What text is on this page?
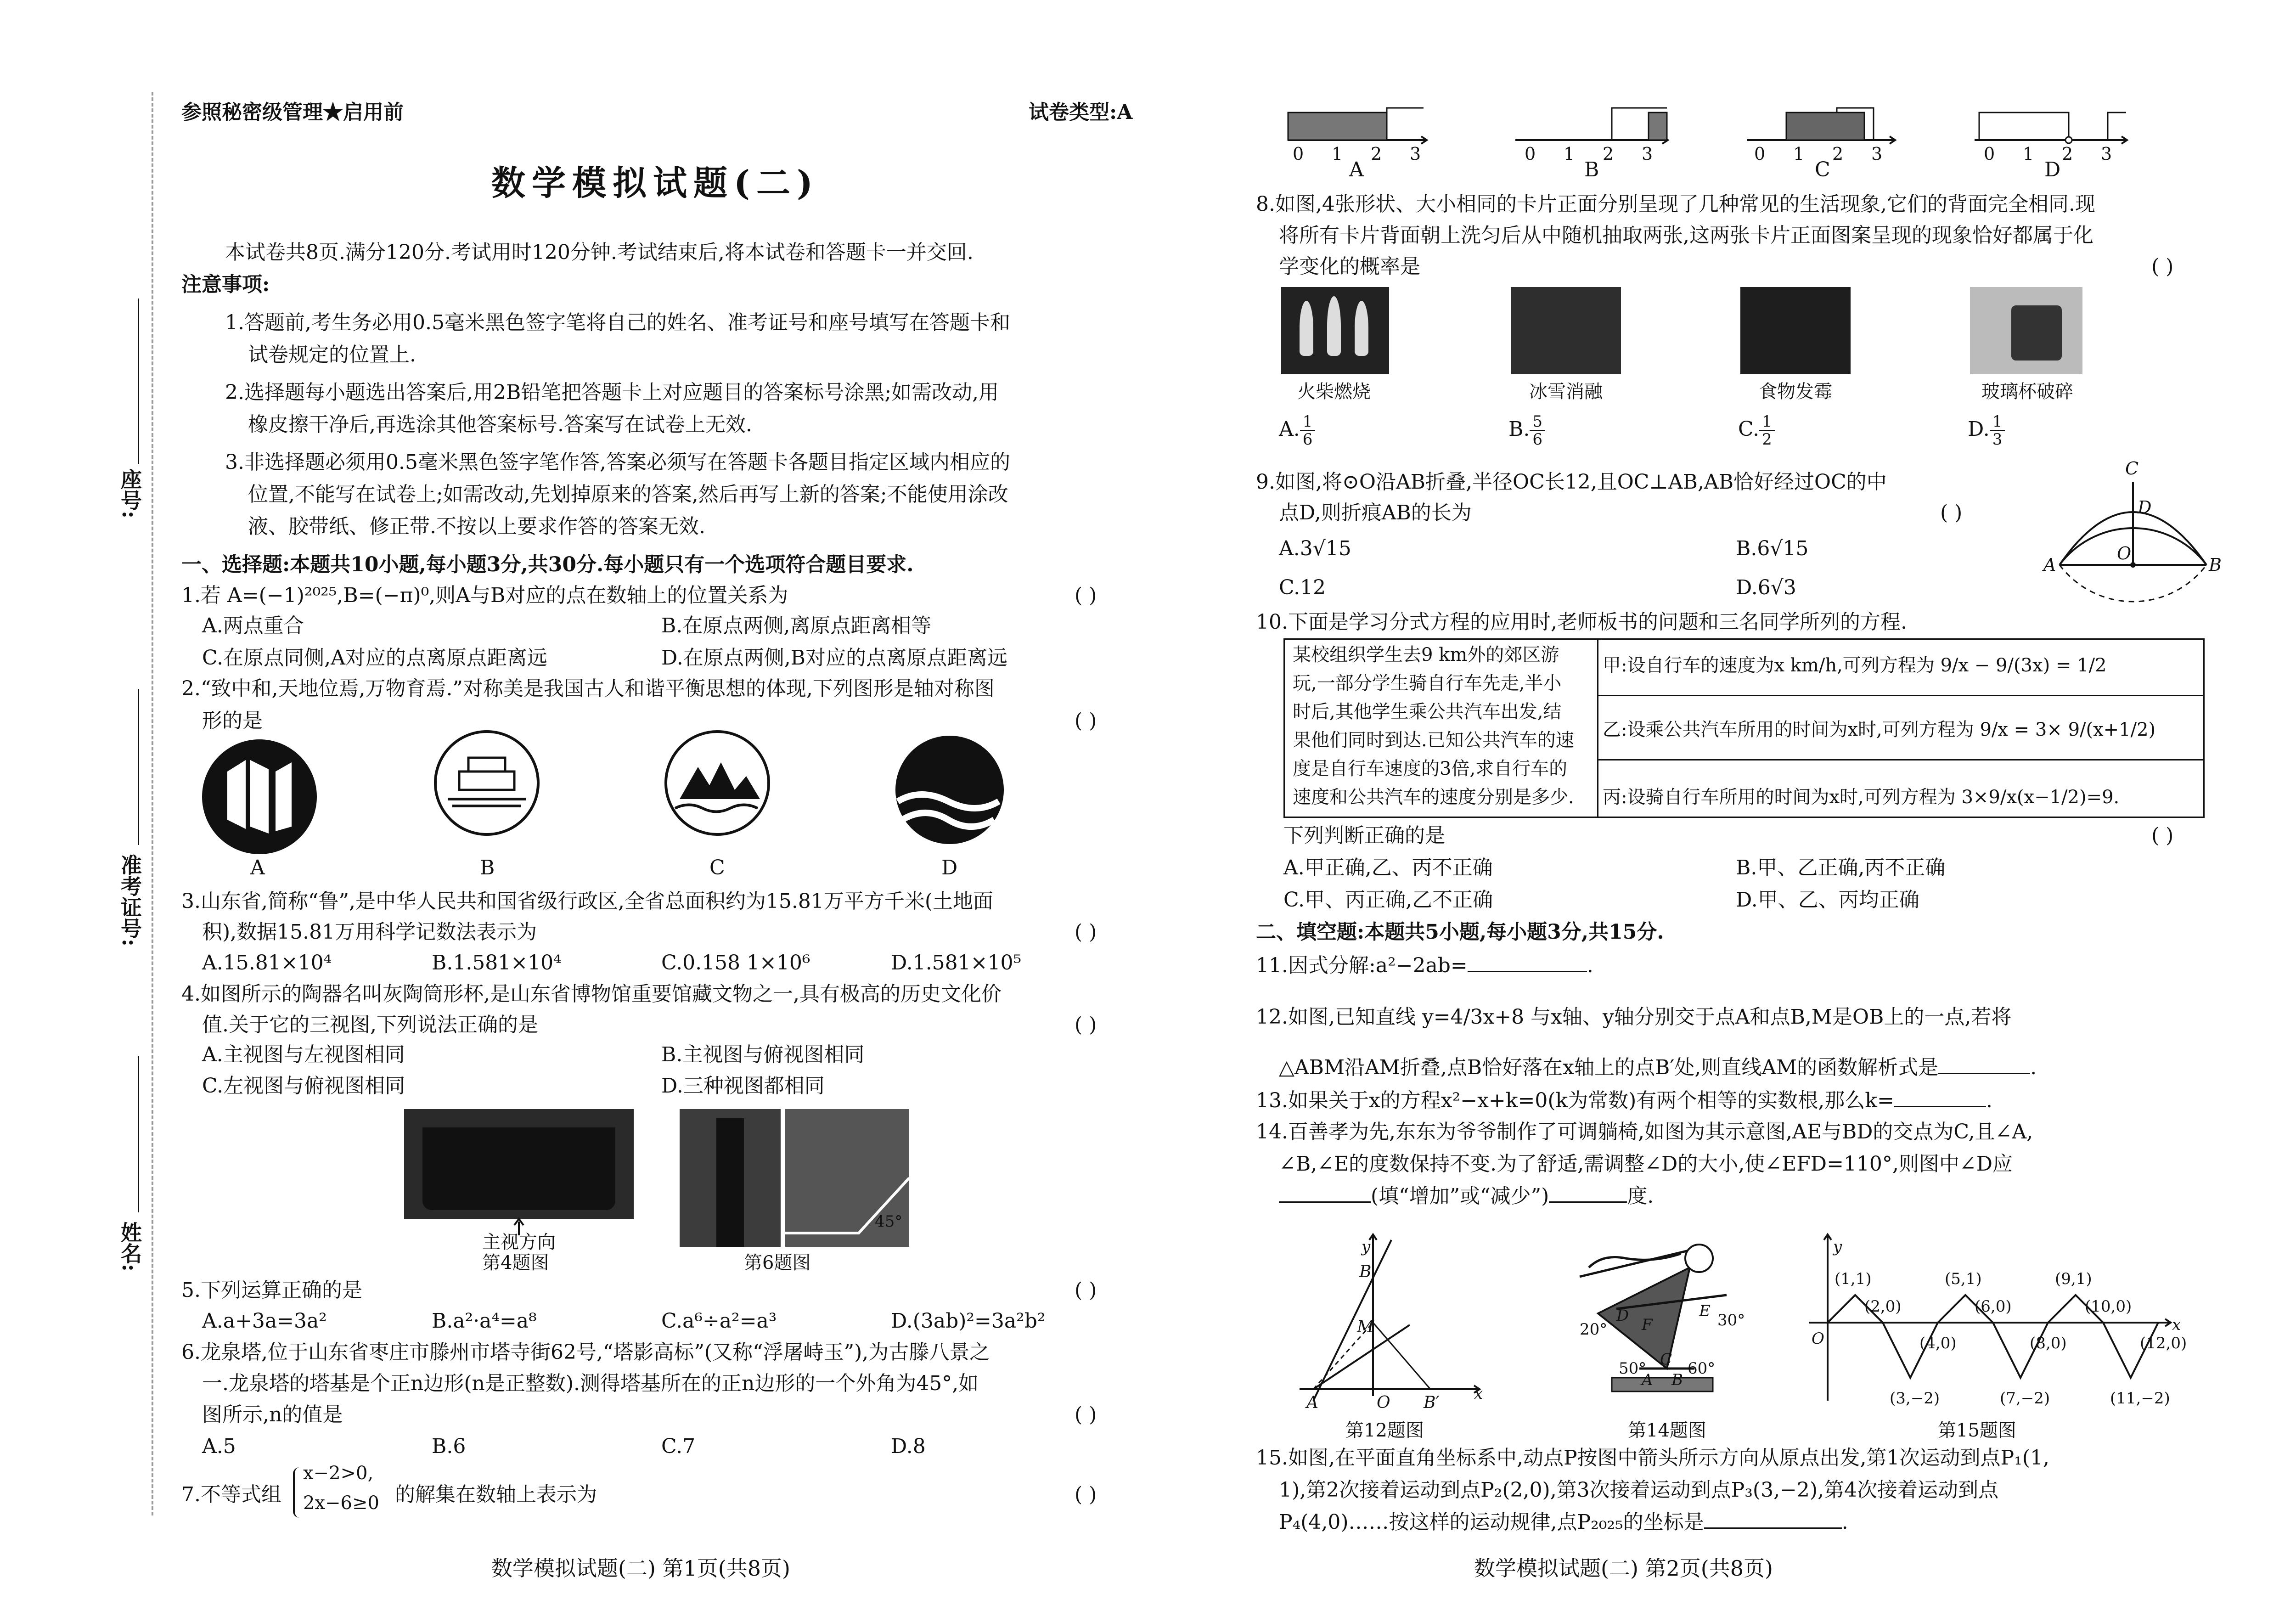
座号:
准考证号:
姓名:
参照秘密级管理★启用前	试卷类型:A
数学模拟试题(二)
本试卷共8页.满分120分.考试用时120分钟.考试结束后,将本试卷和答题卡一并交回.
注意事项:
1.答题前,考生务必用0.5毫米黑色签字笔将自己的姓名、准考证号和座号填写在答题卡和
试卷规定的位置上.
2.选择题每小题选出答案后,用2B铅笔把答题卡上对应题目的答案标号涂黑;如需改动,用
橡皮擦干净后,再选涂其他答案标号.答案写在试卷上无效.
3.非选择题必须用0.5毫米黑色签字笔作答,答案必须写在答题卡各题目指定区域内相应的
位置,不能写在试卷上;如需改动,先划掉原来的答案,然后再写上新的答案;不能使用涂改
液、胶带纸、修正带.不按以上要求作答的答案无效.
一、选择题:本题共10小题,每小题3分,共30分.每小题只有一个选项符合题目要求.
1.若 A=(−1)²⁰²⁵,B=(−π)⁰,则A与B对应的点在数轴上的位置关系为	( )
A.两点重合	B.在原点两侧,离原点距离相等
C.在原点同侧,A对应的点离原点距离远	D.在原点两侧,B对应的点离原点距离远
2.“致中和,天地位焉,万物育焉.”对称美是我国古人和谐平衡思想的体现,下列图形是轴对称图
形的是	( )
A	B	C	D
3.山东省,简称“鲁”,是中华人民共和国省级行政区,全省总面积约为15.81万平方千米(土地面
积),数据15.81万用科学记数法表示为	( )
A.15.81×10⁴	B.1.581×10⁴	C.0.158 1×10⁶	D.1.581×10⁵
4.如图所示的陶器名叫灰陶筒形杯,是山东省博物馆重要馆藏文物之一,具有极高的历史文化价
值.关于它的三视图,下列说法正确的是	( )
A.主视图与左视图相同	B.主视图与俯视图相同
C.左视图与俯视图相同	D.三种视图都相同
主视方向
第4题图
45°
第6题图
5.下列运算正确的是	( )
A.a+3a=3a²	B.a²·a⁴=a⁸	C.a⁶÷a²=a³	D.(3ab)²=3a²b²
6.龙泉塔,位于山东省枣庄市滕州市塔寺街62号,“塔影高标”(又称“浮屠峙玉”),为古滕八景之
一.龙泉塔的塔基是个正n边形(n是正整数).测得塔基所在的正n边形的一个外角为45°,如
图所示,n的值是	( )
A.5	B.6	C.7	D.8
7.不等式组
x−2>0,
2x−6≥0 的解集在数轴上表示为	( )
数学模拟试题(二) 第1页(共8页)
0 1 2 3	0 1 2 3	0 1 2 3	0 1 2 3
A	B	C	D
8.如图,4张形状、大小相同的卡片正面分别呈现了几种常见的生活现象,它们的背面完全相同.现
将所有卡片背面朝上洗匀后从中随机抽取两张,这两张卡片正面图案呈现的现象恰好都属于化
学变化的概率是	( )
火柴燃烧	冰雪消融	食物发霉	玻璃杯破碎
A. $\frac{1}{6}$	B. $\frac{5}{6}$	C. $\frac{1}{2}$	D. $\frac{1}{3}$
9.如图,将⊙O沿AB折叠,半径OC长12,且OC⊥AB,AB恰好经过OC的中
点D,则折痕AB的长为	( )
A.3√15	B.6√15
C.12	D.6√3
C
D
O
A	B
10.下面是学习分式方程的应用时,老师板书的问题和三名同学所列的方程.
某校组织学生去9 km外的郊区游
玩,一部分学生骑自行车先走,半小
时后,其他学生乘公共汽车出发,结
果他们同时到达.已知公共汽车的速
度是自行车速度的3倍,求自行车的
速度和公共汽车的速度分别是多少.
甲:设自行车的速度为x km/h,可列方程为 9/x − 9/(3x) = 1/2
乙:设乘公共汽车所用的时间为x时,可列方程为 9/x = 3× 9/(x+1/2)
丙:设骑自行车所用的时间为x时,可列方程为 3×9/x(x−1/2)=9.
下列判断正确的是	( )
A.甲正确,乙、丙不正确	B.甲、乙正确,丙不正确
C.甲、丙正确,乙不正确	D.甲、乙、丙均正确
二、填空题:本题共5小题,每小题3分,共15分.
11.因式分解:a²−2ab=	.
12.如图,已知直线 y=4/3x+8 与x轴、y轴分别交于点A和点B,M是OB上的一点,若将
△ABM沿AM折叠,点B恰好落在x轴上的点B′处,则直线AM的函数解析式是	.
13.如果关于x的方程x²−x+k=0(k为常数)有两个相等的实数根,那么k=	.
14.百善孝为先,东东为爷爷制作了可调躺椅,如图为其示意图,AE与BD的交点为C,且∠A,
∠B,∠E的度数保持不变.为了舒适,需调整∠D的大小,使∠EFD=110°,则图中∠D应
(填“增加”或“减少”)	度.
y
B
M
A	O B′ x
第12题图
20°	30°
50°	60°
D F
E
C
A B
第14题图
(1,1)	(5,1)	(9,1)
(2,0)	(6,0)	(10,0)
(4,0)	(8,0)	(12,0)
(3,−2)	(7,−2)	(11,−2)
y
x
O
第15题图
15.如图,在平面直角坐标系中,动点P按图中箭头所示方向从原点出发,第1次运动到点P₁(1,
1),第2次接着运动到点P₂(2,0),第3次接着运动到点P₃(3,−2),第4次接着运动到点
P₄(4,0)……按这样的运动规律,点P₂₀₂₅的坐标是	.
数学模拟试题(二) 第2页(共8页)
